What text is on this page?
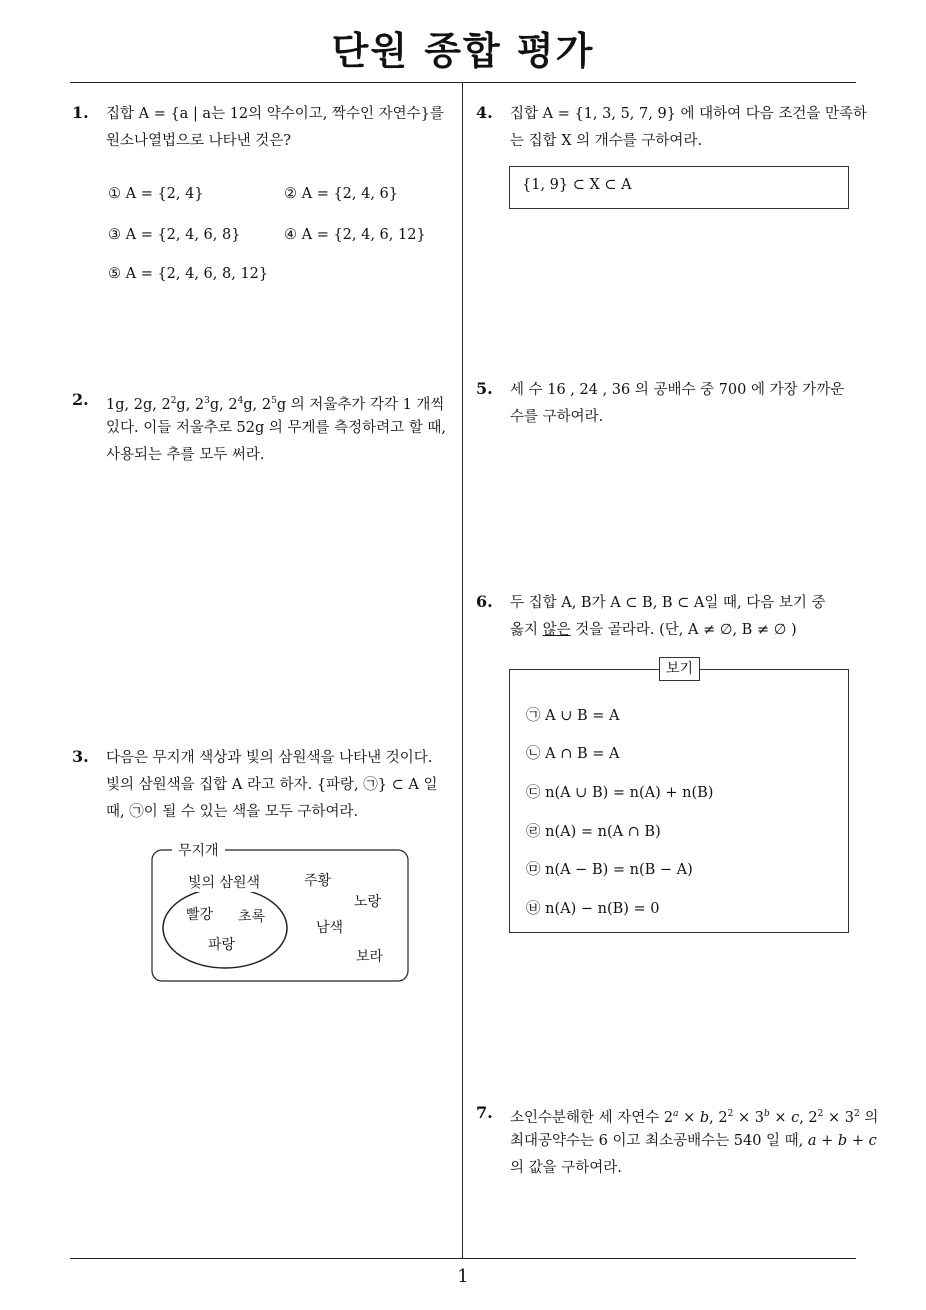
단원 종합 평가
1
1. 집합 A = {a | a는 12의 약수이고, 짝수인 자연수}를
원소나열법으로 나타낸 것은?
① A = {2, 4}	② A = {2, 4, 6}
③ A = {2, 4, 6, 8}	④ A = {2, 4, 6, 12}
⑤ A = {2, 4, 6, 8, 12}
2. 1g, 2g, $2^2g$, $2^3g$, $2^4g$, $2^5g$ 의 저울추가 각각 1 개씩
있다. 이들 저울추로 52g 의 무게를 측정하려고 할 때,
사용되는 추를 모두 써라.
3. 다음은 무지개 색상과 빛의 삼원색을 나타낸 것이다.
빛의 삼원색을 집합 A 라고 하자. {파랑, ㉠} ⊂ A 일
때, ㉠이 될 수 있는 색을 모두 구하여라.
무지개
빛의 삼원색
빨강 초록
파랑
주황
노랑
남색
보라
4. 집합 A = {1, 3, 5, 7, 9} 에 대하여 다음 조건을 만족하
는 집합 X 의 개수를 구하여라.
{1, 9} ⊂ X ⊂ A
5. 세 수 16 , 24 , 36 의 공배수 중 700 에 가장 가까운
수를 구하여라.
6. 두 집합 A, B가 A ⊂ B, B ⊂ A일 때, 다음 보기 중
옳지 않은 것을 골라라. (단, A ≠ ∅, B ≠ ∅ )
보기
㉠ A ∪ B = A
㉡ A ∩ B = A
㉢ n(A ∪ B) = n(A) + n(B)
㉣ n(A) = n(A ∩ B)
㉤ n(A − B) = n(B − A)
㉥ n(A) − n(B) = 0
7. 소인수분해한 세 자연수 $2^a \times b$, $2^2 \times 3^b \times c$, $2^2 \times 3^2$ 의
최대공약수는 6 이고 최소공배수는 540 일 때, a + b + c
의 값을 구하여라.
